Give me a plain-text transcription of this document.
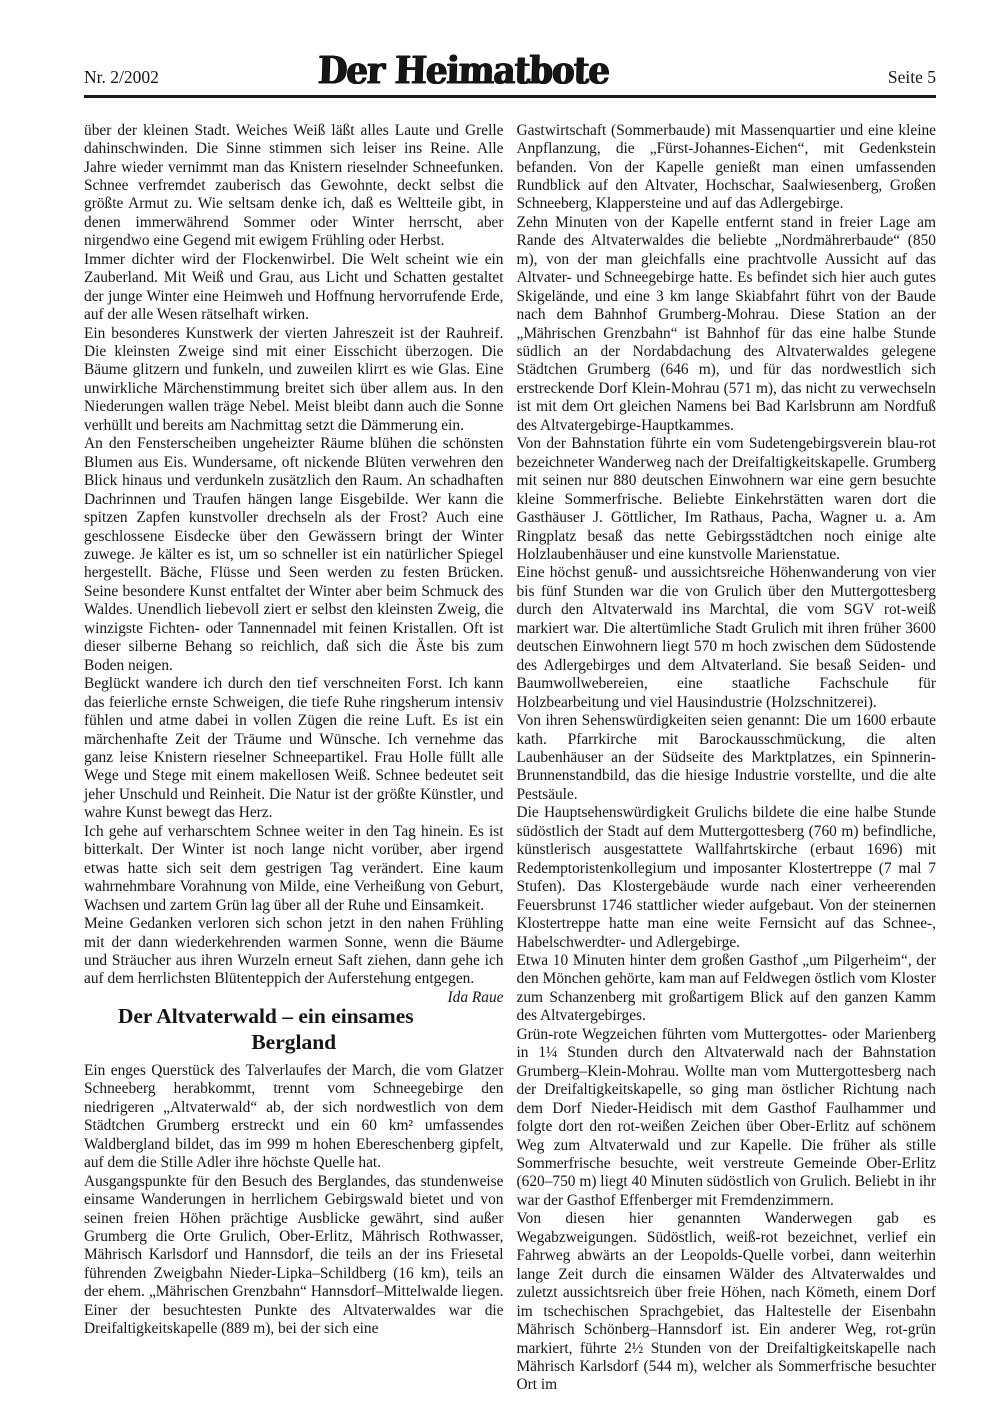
Nr. 2/2002	Der Heimatbote	Seite 5

über der kleinen Stadt. Weiches Weiß läßt alles Laute und Grelle dahinschwinden. Die Sinne stimmen sich leiser ins Reine. Alle Jahre wieder vernimmt man das Knistern rieselnder Schneefunken. Schnee verfremdet zauberisch das Gewohnte, deckt selbst die größte Armut zu. Wie seltsam denke ich, daß es Weltteile gibt, in denen immerwährend Sommer oder Winter herrscht, aber nirgendwo eine Gegend mit ewigem Frühling oder Herbst.

Immer dichter wird der Flockenwirbel. Die Welt scheint wie ein Zauberland. Mit Weiß und Grau, aus Licht und Schatten gestaltet der junge Winter eine Heimweh und Hoffnung hervorrufende Erde, auf der alle Wesen rätselhaft wirken.

Ein besonderes Kunstwerk der vierten Jahreszeit ist der Rauhreif. Die kleinsten Zweige sind mit einer Eisschicht überzogen. Die Bäume glitzern und funkeln, und zuweilen klirrt es wie Glas. Eine unwirkliche Märchenstimmung breitet sich über allem aus. In den Niederungen wallen träge Nebel. Meist bleibt dann auch die Sonne verhüllt und bereits am Nachmittag setzt die Dämmerung ein.

An den Fensterscheiben ungeheizter Räume blühen die schönsten Blumen aus Eis. Wundersame, oft nickende Blüten verwehren den Blick hinaus und verdunkeln zusätzlich den Raum. An schadhaften Dachrinnen und Traufen hängen lange Eisgebilde. Wer kann die spitzen Zapfen kunstvoller drechseln als der Frost? Auch eine geschlossene Eisdecke über den Gewässern bringt der Winter zuwege. Je kälter es ist, um so schneller ist ein natürlicher Spiegel hergestellt. Bäche, Flüsse und Seen werden zu festen Brücken. Seine besondere Kunst entfaltet der Winter aber beim Schmuck des Waldes. Unendlich liebevoll ziert er selbst den kleinsten Zweig, die winzigste Fichten- oder Tannennadel mit feinen Kristallen. Oft ist dieser silberne Behang so reichlich, daß sich die Äste bis zum Boden neigen.

Beglückt wandere ich durch den tief verschneiten Forst. Ich kann das feierliche ernste Schweigen, die tiefe Ruhe ringsherum intensiv fühlen und atme dabei in vollen Zügen die reine Luft. Es ist ein märchenhafte Zeit der Träume und Wünsche. Ich vernehme das ganz leise Knistern rieselner Schneepartikel. Frau Holle füllt alle Wege und Stege mit einem makellosen Weiß. Schnee bedeutet seit jeher Unschuld und Reinheit. Die Natur ist der größte Künstler, und wahre Kunst bewegt das Herz.

Ich gehe auf verharschtem Schnee weiter in den Tag hinein. Es ist bitterkalt. Der Winter ist noch lange nicht vorüber, aber irgend etwas hatte sich seit dem gestrigen Tag verändert. Eine kaum wahrnehmbare Vorahnung von Milde, eine Verheißung von Geburt, Wachsen und zartem Grün lag über all der Ruhe und Einsamkeit.

Meine Gedanken verloren sich schon jetzt in den nahen Frühling mit der dann wiederkehrenden warmen Sonne, wenn die Bäume und Sträucher aus ihren Wurzeln erneut Saft ziehen, dann gehe ich auf dem herrlichsten Blütenteppich der Auferstehung entgegen.
Ida Raue

Der Altvaterwald – ein einsames Bergland

Ein enges Querstück des Talverlaufes der March, die vom Glatzer Schneeberg herabkommt, trennt vom Schneegebirge den niedrigeren „Altvaterwald“ ab, der sich nordwestlich von dem Städtchen Grumberg erstreckt und ein 60 km² umfassendes Waldbergland bildet, das im 999 m hohen Ebereschenberg gipfelt, auf dem die Stille Adler ihre höchste Quelle hat.

Ausgangspunkte für den Besuch des Berglandes, das stundenweise einsame Wanderungen in herrlichem Gebirgswald bietet und von seinen freien Höhen prächtige Ausblicke gewährt, sind außer Grumberg die Orte Grulich, Ober-Erlitz, Mährisch Rothwasser, Mährisch Karlsdorf und Hannsdorf, die teils an der ins Friesetal führenden Zweigbahn Nieder-Lipka–Schildberg (16 km), teils an der ehem. „Mährischen Grenzbahn“ Hannsdorf–Mittelwalde liegen. Einer der besuchtesten Punkte des Altvaterwaldes war die Dreifaltigkeitskapelle (889 m), bei der sich eine

Gastwirtschaft (Sommerbaude) mit Massenquartier und eine kleine Anpflanzung, die „Fürst-Johannes-Eichen“, mit Gedenkstein befanden. Von der Kapelle genießt man einen umfassenden Rundblick auf den Altvater, Hochschar, Saalwiesenberg, Großen Schneeberg, Klappersteine und auf das Adlergebirge.

Zehn Minuten von der Kapelle entfernt stand in freier Lage am Rande des Altvaterwaldes die beliebte „Nordmährerbaude“ (850 m), von der man gleichfalls eine prachtvolle Aussicht auf das Altvater- und Schneegebirge hatte. Es befindet sich hier auch gutes Skigelände, und eine 3 km lange Skiabfahrt führt von der Baude nach dem Bahnhof Grumberg-Mohrau. Diese Station an der „Mährischen Grenzbahn“ ist Bahnhof für das eine halbe Stunde südlich an der Nordabdachung des Altvaterwaldes gelegene Städtchen Grumberg (646 m), und für das nordwestlich sich erstreckende Dorf Klein-Mohrau (571 m), das nicht zu verwechseln ist mit dem Ort gleichen Namens bei Bad Karlsbrunn am Nordfuß des Altvatergebirge-Hauptkammes.

Von der Bahnstation führte ein vom Sudetengebirgsverein blau-rot bezeichneter Wanderweg nach der Dreifaltigkeitskapelle. Grumberg mit seinen nur 880 deutschen Einwohnern war eine gern besuchte kleine Sommerfrische. Beliebte Einkehrstätten waren dort die Gasthäuser J. Göttlicher, Im Rathaus, Pacha, Wagner u. a. Am Ringplatz besaß das nette Gebirgsstädtchen noch einige alte Holzlaubenhäuser und eine kunstvolle Marienstatue.

Eine höchst genuß- und aussichtsreiche Höhenwanderung von vier bis fünf Stunden war die von Grulich über den Muttergottesberg durch den Altvaterwald ins Marchtal, die vom SGV rot-weiß markiert war. Die altertümliche Stadt Grulich mit ihren früher 3600 deutschen Einwohnern liegt 570 m hoch zwischen dem Südostende des Adlergebirges und dem Altvaterland. Sie besaß Seiden- und Baumwollwebereien, eine staatliche Fachschule für Holzbearbeitung und viel Hausindustrie (Holzschnitzerei).

Von ihren Sehenswürdigkeiten seien genannt: Die um 1600 erbaute kath. Pfarrkirche mit Barockausschmückung, die alten Laubenhäuser an der Südseite des Marktplatzes, ein Spinnerin-Brunnenstandbild, das die hiesige Industrie vorstellte, und die alte Pestsäule.

Die Hauptsehenswürdigkeit Grulichs bildete die eine halbe Stunde südöstlich der Stadt auf dem Muttergottesberg (760 m) befindliche, künstlerisch ausgestattete Wallfahrtskirche (erbaut 1696) mit Redemptoristenkollegium und imposanter Klostertreppe (7 mal 7 Stufen). Das Klostergebäude wurde nach einer verheerenden Feuersbrunst 1746 stattlicher wieder aufgebaut. Von der steinernen Klostertreppe hatte man eine weite Fernsicht auf das Schnee-, Habelschwerdter- und Adlergebirge.

Etwa 10 Minuten hinter dem großen Gasthof „um Pilgerheim“, der den Mönchen gehörte, kam man auf Feldwegen östlich vom Kloster zum Schanzenberg mit großartigem Blick auf den ganzen Kamm des Altvatergebirges.

Grün-rote Wegzeichen führten vom Muttergottes- oder Marienberg in 1¼ Stunden durch den Altvaterwald nach der Bahnstation Grumberg–Klein-Mohrau. Wollte man vom Muttergottesberg nach der Dreifaltigkeitskapelle, so ging man östlicher Richtung nach dem Dorf Nieder-Heidisch mit dem Gasthof Faulhammer und folgte dort den rot-weißen Zeichen über Ober-Erlitz auf schönem Weg zum Altvaterwald und zur Kapelle. Die früher als stille Sommerfrische besuchte, weit verstreute Gemeinde Ober-Erlitz (620–750 m) liegt 40 Minuten südöstlich von Grulich. Beliebt in ihr war der Gasthof Effenberger mit Fremdenzimmern.

Von diesen hier genannten Wanderwegen gab es Wegabzweigungen. Südöstlich, weiß-rot bezeichnet, verlief ein Fahrweg abwärts an der Leopolds-Quelle vorbei, dann weiterhin lange Zeit durch die einsamen Wälder des Altvaterwaldes und zuletzt aussichtsreich über freie Höhen, nach Kömeth, einem Dorf im tschechischen Sprachgebiet, das Haltestelle der Eisenbahn Mährisch Schönberg–Hannsdorf ist. Ein anderer Weg, rot-grün markiert, führte 2½ Stunden von der Dreifaltigkeitskapelle nach Mährisch Karlsdorf (544 m), welcher als Sommerfrische besuchter Ort im
